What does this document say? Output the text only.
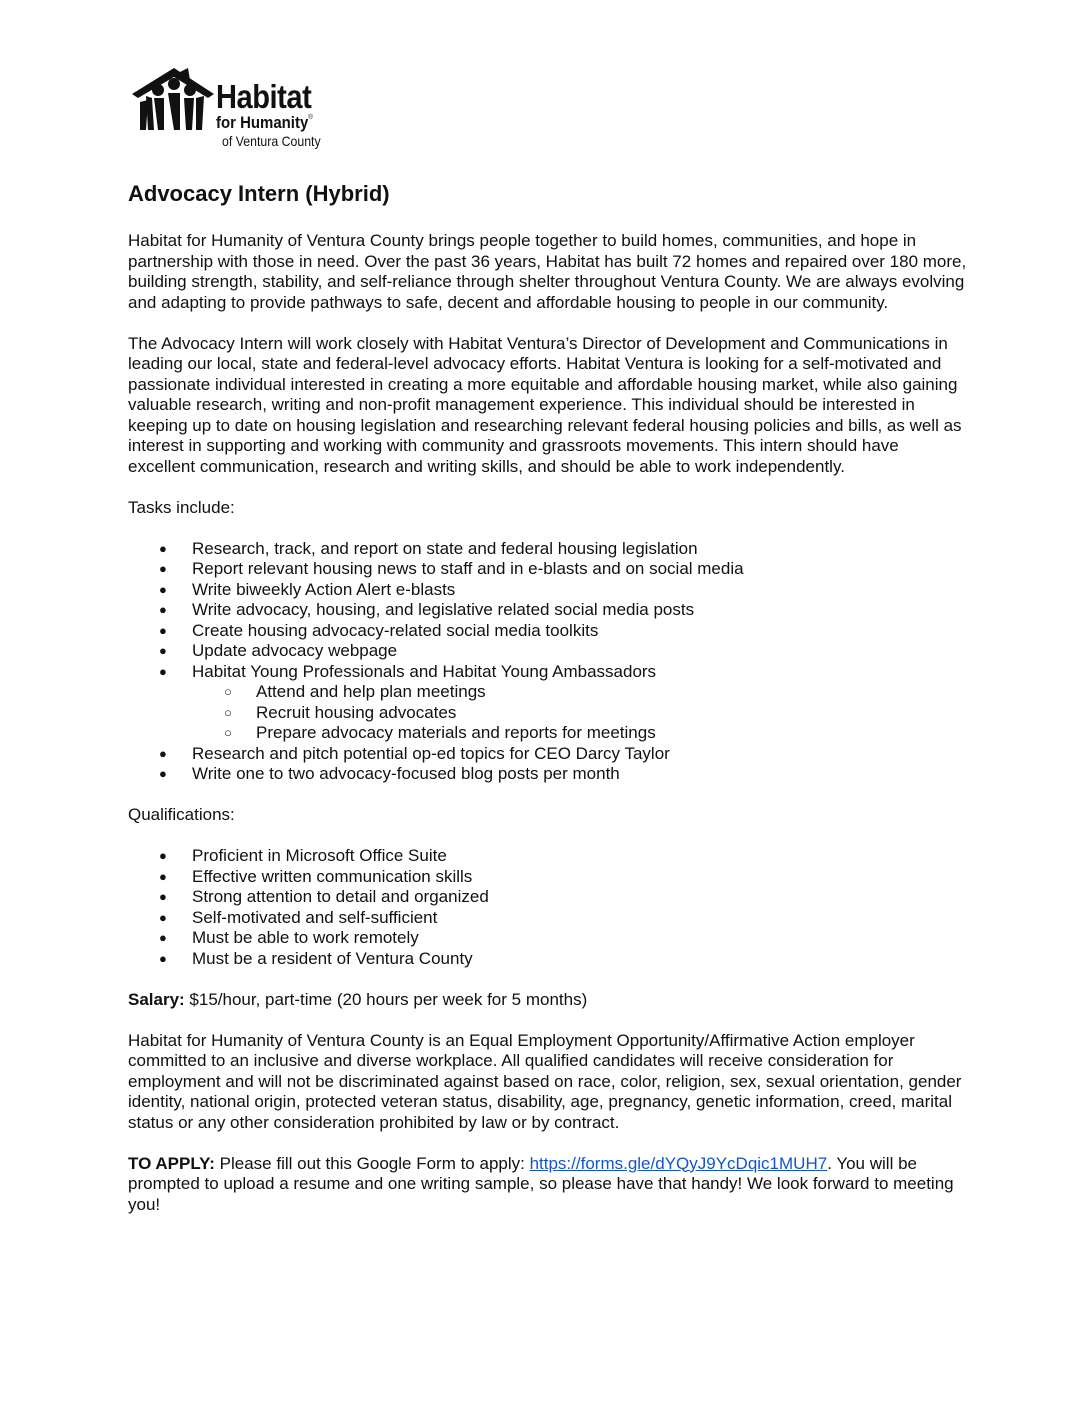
Habitat
for Humanity®
of Ventura County
Advocacy Intern (Hybrid)

Habitat for Humanity of Ventura County brings people together to build homes, communities, and hope in partnership with those in need. Over the past 36 years, Habitat has built 72 homes and repaired over 180 more, building strength, stability, and self-reliance through shelter throughout Ventura County. We are always evolving and adapting to provide pathways to safe, decent and affordable housing to people in our community.

The Advocacy Intern will work closely with Habitat Ventura’s Director of Development and Communications in leading our local, state and federal-level advocacy efforts. Habitat Ventura is looking for a self-motivated and passionate individual interested in creating a more equitable and affordable housing market, while also gaining valuable research, writing and non-profit management experience. This individual should be interested in keeping up to date on housing legislation and researching relevant federal housing policies and bills, as well as interest in supporting and working with community and grassroots movements. This intern should have excellent communication, research and writing skills, and should be able to work independently.

Tasks include:

● Research, track, and report on state and federal housing legislation
● Report relevant housing news to staff and in e-blasts and on social media
● Write biweekly Action Alert e-blasts
● Write advocacy, housing, and legislative related social media posts
● Create housing advocacy-related social media toolkits
● Update advocacy webpage
● Habitat Young Professionals and Habitat Young Ambassadors
○ Attend and help plan meetings
○ Recruit housing advocates
○ Prepare advocacy materials and reports for meetings
● Research and pitch potential op-ed topics for CEO Darcy Taylor
● Write one to two advocacy-focused blog posts per month

Qualifications:

● Proficient in Microsoft Office Suite
● Effective written communication skills
● Strong attention to detail and organized
● Self-motivated and self-sufficient
● Must be able to work remotely
● Must be a resident of Ventura County

Salary: $15/hour, part-time (20 hours per week for 5 months)

Habitat for Humanity of Ventura County is an Equal Employment Opportunity/Affirmative Action employer committed to an inclusive and diverse workplace. All qualified candidates will receive consideration for employment and will not be discriminated against based on race, color, religion, sex, sexual orientation, gender identity, national origin, protected veteran status, disability, age, pregnancy, genetic information, creed, marital status or any other consideration prohibited by law or by contract.

TO APPLY: Please fill out this Google Form to apply: https://forms.gle/dYQyJ9YcDqic1MUH7. You will be prompted to upload a resume and one writing sample, so please have that handy! We look forward to meeting you!
